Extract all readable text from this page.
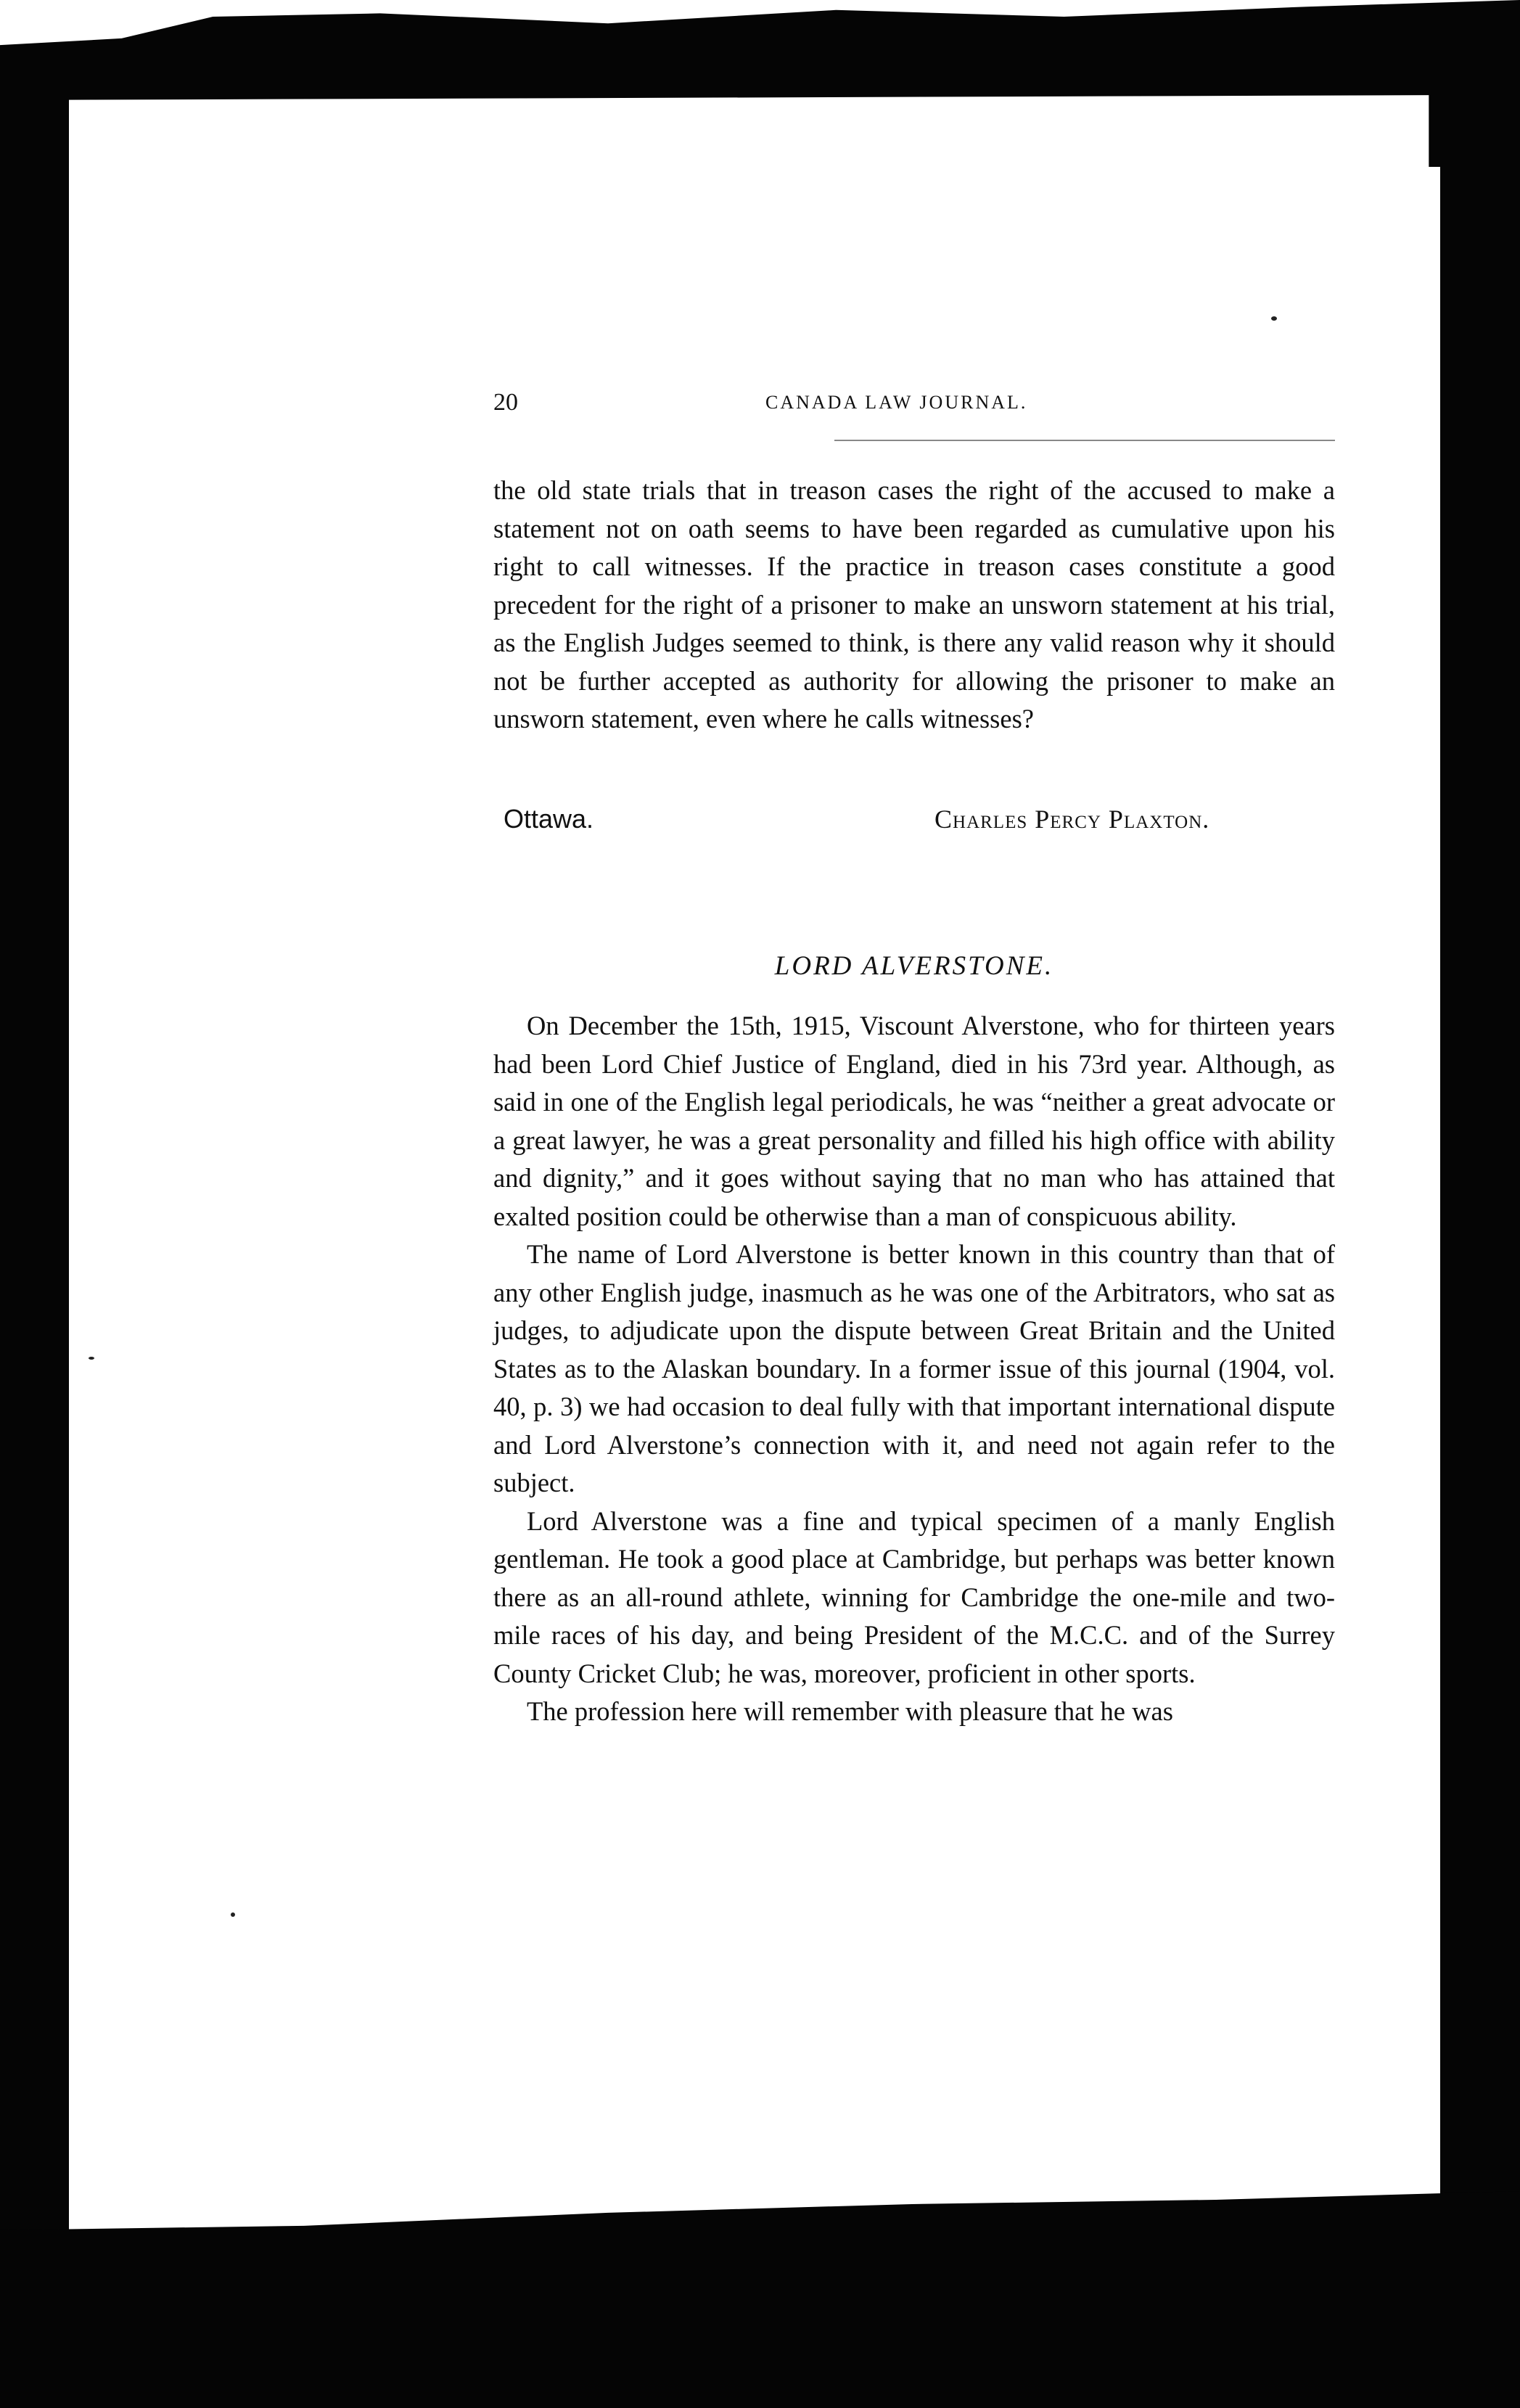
20	CANADA LAW JOURNAL.

the old state trials that in treason cases the right of the accused to make a statement not on oath seems to have been regarded as cumulative upon his right to call witnesses. If the practice in treason cases constitute a good precedent for the right of a prisoner to make an unsworn statement at his trial, as the English Judges seemed to think, is there any valid reason why it should not be further accepted as authority for allowing the prisoner to make an unsworn statement, even where he calls witnesses?

Ottawa.	Charles Percy Plaxton.
LORD ALVERSTONE.

On December the 15th, 1915, Viscount Alverstone, who for thirteen years had been Lord Chief Justice of England, died in his 73rd year. Although, as said in one of the English legal periodicals, he was “neither a great advocate or a great lawyer, he was a great personality and filled his high office with ability and dignity,” and it goes without saying that no man who has attained that exalted position could be otherwise than a man of conspicuous ability.

The name of Lord Alverstone is better known in this country than that of any other English judge, inasmuch as he was one of the Arbitrators, who sat as judges, to adjudicate upon the dispute between Great Britain and the United States as to the Alaskan boundary. In a former issue of this journal (1904, vol. 40, p. 3) we had occasion to deal fully with that important international dispute and Lord Alverstone’s connection with it, and need not again refer to the subject.

Lord Alverstone was a fine and typical specimen of a manly English gentleman. He took a good place at Cambridge, but perhaps was better known there as an all-round athlete, winning for Cambridge the one-mile and two-mile races of his day, and being President of the M.C.C. and of the Surrey County Cricket Club; he was, moreover, proficient in other sports.

The profession here will remember with pleasure that he was
